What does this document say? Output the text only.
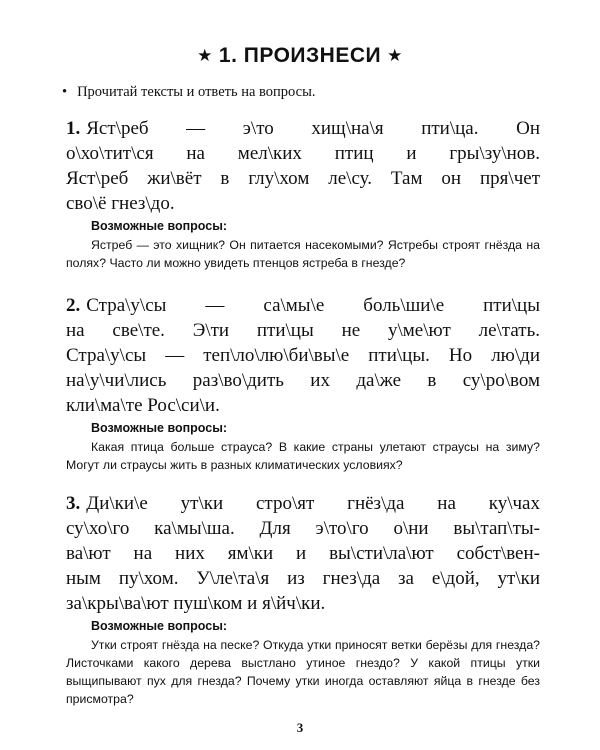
★ 1. ПРОИЗНЕСИ ★
• Прочитай тексты и ответь на вопросы.
1. Яст\реб — э\то хищ\на\я пти\ца. Он
о\хо\тит\ся на мел\ких птиц и гры\зу\нов.
Яст\реб жи\вёт в глу\хом ле\су. Там он пря\чет
сво\ё гнез\до.
Возможные вопросы:
Ястреб — это хищник? Он питается насекомыми? Ястребы строят гнёзда на полях? Часто ли можно увидеть птенцов ястреба в гнезде?
2. Стра\у\сы — са\мы\е боль\ши\е пти\цы
на све\те. Э\ти пти\цы не у\ме\ют ле\тать.
Стра\у\сы — теп\ло\лю\би\вы\е пти\цы. Но лю\ди
на\у\чи\лись раз\во\дить их да\же в су\ро\вом
кли\ма\те Рос\си\и.
Возможные вопросы:
Какая птица больше страуса? В какие страны улетают страусы на зиму? Могут ли страусы жить в разных климатических условиях?
3. Ди\ки\е ут\ки стро\ят гнёз\да на ку\чах
су\хо\го ка\мы\ша. Для э\то\го о\ни вы\тап\ты-
ва\ют на них ям\ки и вы\сти\ла\ют собст\вен-
ным пу\хом. У\ле\та\я из гнез\да за е\дой, ут\ки
за\кры\ва\ют пуш\ком и я\йч\ки.
Возможные вопросы:
Утки строят гнёзда на песке? Откуда утки приносят ветки берёзы для гнезда? Листочками какого дерева выстлано утиное гнездо? У какой птицы утки выщипывают пух для гнезда? Почему утки иногда оставляют яйца в гнезде без присмотра?
3
